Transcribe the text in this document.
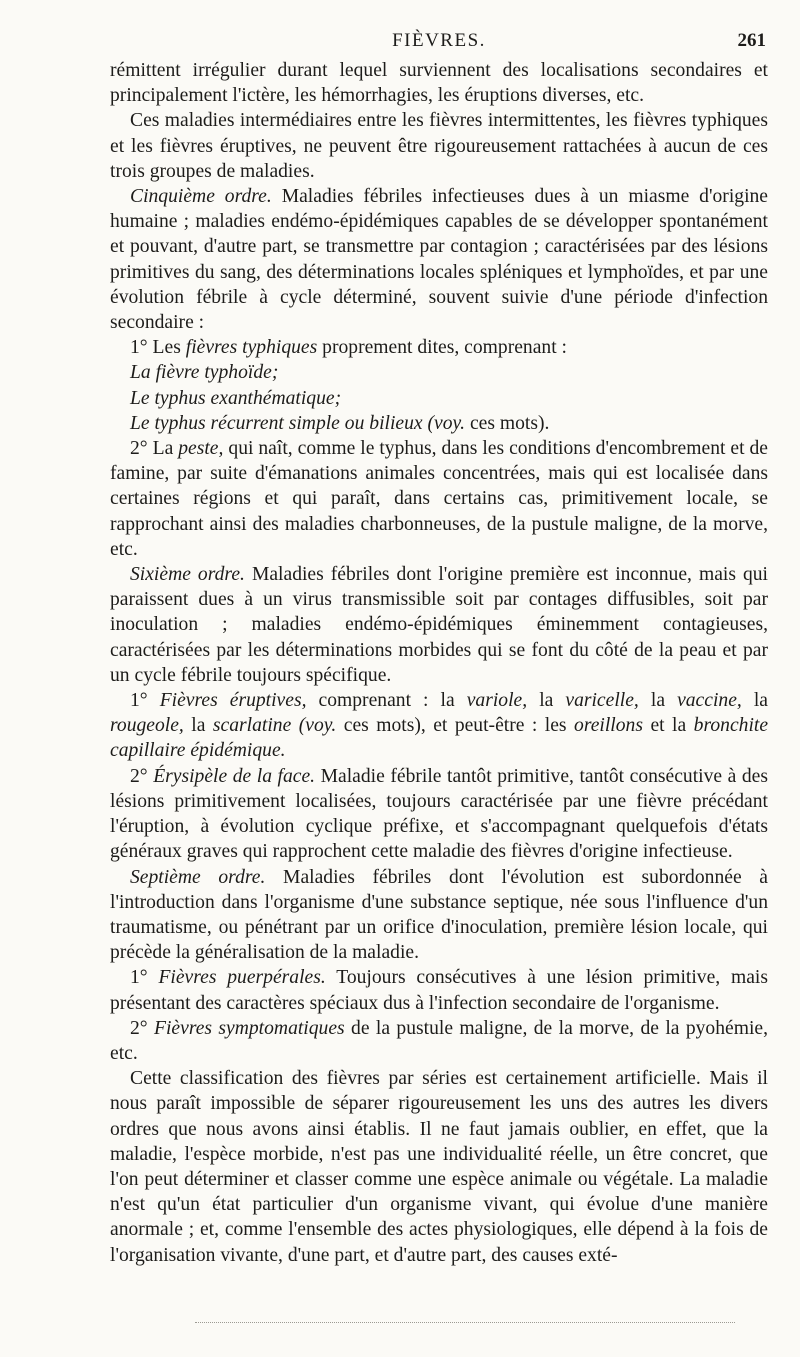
FIÈVRES.	261

rémittent irrégulier durant lequel surviennent des localisations secondaires et principalement l'ictère, les hémorrhagies, les éruptions diverses, etc.

Ces maladies intermédiaires entre les fièvres intermittentes, les fièvres typhiques et les fièvres éruptives, ne peuvent être rigoureusement rattachées à aucun de ces trois groupes de maladies.

Cinquième ordre. Maladies fébriles infectieuses dues à un miasme d'origine humaine ; maladies endémo-épidémiques capables de se développer spontanément et pouvant, d'autre part, se transmettre par contagion ; caractérisées par des lésions primitives du sang, des déterminations locales spléniques et lymphoïdes, et par une évolution fébrile à cycle déterminé, souvent suivie d'une période d'infection secondaire :

1° Les fièvres typhiques proprement dites, comprenant :

La fièvre typhoïde;
Le typhus exanthématique;
Le typhus récurrent simple ou bilieux (voy. ces mots).

2° La peste, qui naît, comme le typhus, dans les conditions d'encombrement et de famine, par suite d'émanations animales concentrées, mais qui est localisée dans certaines régions et qui paraît, dans certains cas, primitivement locale, se rapprochant ainsi des maladies charbonneuses, de la pustule maligne, de la morve, etc.

Sixième ordre. Maladies fébriles dont l'origine première est inconnue, mais qui paraissent dues à un virus transmissible soit par contages diffusibles, soit par inoculation ; maladies endémo-épidémiques éminemment contagieuses, caractérisées par les déterminations morbides qui se font du côté de la peau et par un cycle fébrile toujours spécifique.

1° Fièvres éruptives, comprenant : la variole, la varicelle, la vaccine, la rougeole, la scarlatine (voy. ces mots), et peut-être : les oreillons et la bronchite capillaire épidémique.

2° Érysipèle de la face. Maladie fébrile tantôt primitive, tantôt consécutive à des lésions primitivement localisées, toujours caractérisée par une fièvre précédant l'éruption, à évolution cyclique préfixe, et s'accompagnant quelquefois d'états généraux graves qui rapprochent cette maladie des fièvres d'origine infectieuse.

Septième ordre. Maladies fébriles dont l'évolution est subordonnée à l'introduction dans l'organisme d'une substance septique, née sous l'influence d'un traumatisme, ou pénétrant par un orifice d'inoculation, première lésion locale, qui précède la généralisation de la maladie.

1° Fièvres puerpérales. Toujours consécutives à une lésion primitive, mais présentant des caractères spéciaux dus à l'infection secondaire de l'organisme.

2° Fièvres symptomatiques de la pustule maligne, de la morve, de la pyohémie, etc.

Cette classification des fièvres par séries est certainement artificielle. Mais il nous paraît impossible de séparer rigoureusement les uns des autres les divers ordres que nous avons ainsi établis. Il ne faut jamais oublier, en effet, que la maladie, l'espèce morbide, n'est pas une individualité réelle, un être concret, que l'on peut déterminer et classer comme une espèce animale ou végétale. La maladie n'est qu'un état particulier d'un organisme vivant, qui évolue d'une manière anormale ; et, comme l'ensemble des actes physiologiques, elle dépend à la fois de l'organisation vivante, d'une part, et d'autre part, des causes exté-
